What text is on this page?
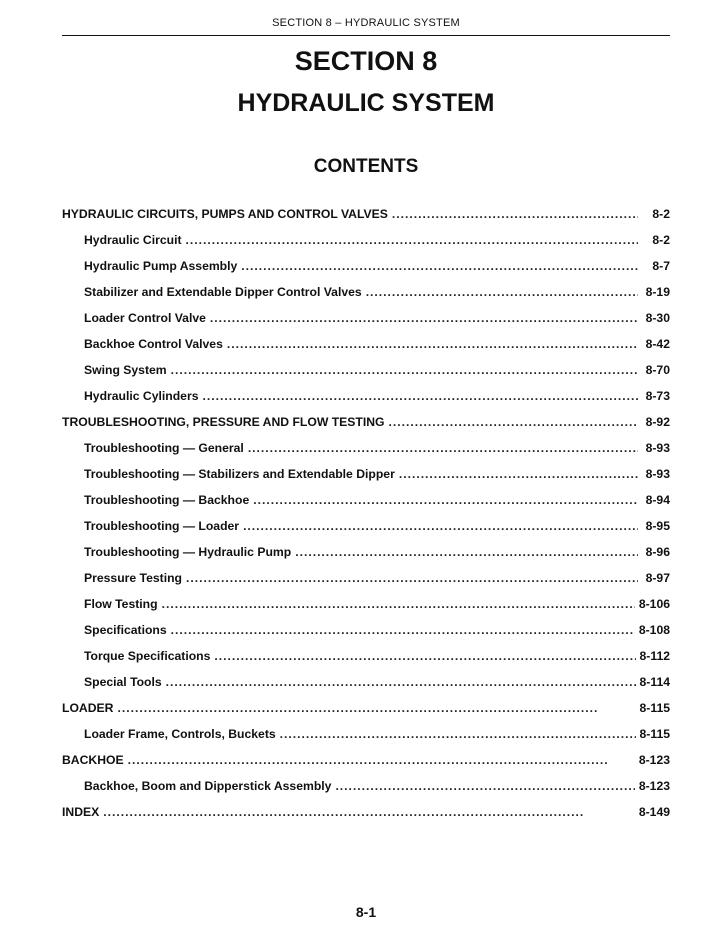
SECTION 8 – HYDRAULIC SYSTEM
SECTION 8
HYDRAULIC SYSTEM
CONTENTS
HYDRAULIC CIRCUITS, PUMPS AND CONTROL VALVES . . .	8-2
Hydraulic Circuit . . .	8-2
Hydraulic Pump Assembly . . .	8-7
Stabilizer and Extendable Dipper Control Valves . . .	8-19
Loader Control Valve . . .	8-30
Backhoe Control Valves . . .	8-42
Swing System . . .	8-70
Hydraulic Cylinders . . .	8-73
TROUBLESHOOTING, PRESSURE AND FLOW TESTING . . .	8-92
Troubleshooting — General . . .	8-93
Troubleshooting — Stabilizers and Extendable Dipper . . .	8-93
Troubleshooting — Backhoe . . .	8-94
Troubleshooting — Loader . . .	8-95
Troubleshooting — Hydraulic Pump . . .	8-96
Pressure Testing . . .	8-97
Flow Testing . . .	8-106
Specifications . . .	8-108
Torque Specifications . . .	8-112
Special Tools . . .	8-114
LOADER . . .	8-115
Loader Frame, Controls, Buckets . . .	8-115
BACKHOE . . .	8-123
Backhoe, Boom and Dipperstick Assembly . . .	8-123
INDEX . . .	8-149
8-1
